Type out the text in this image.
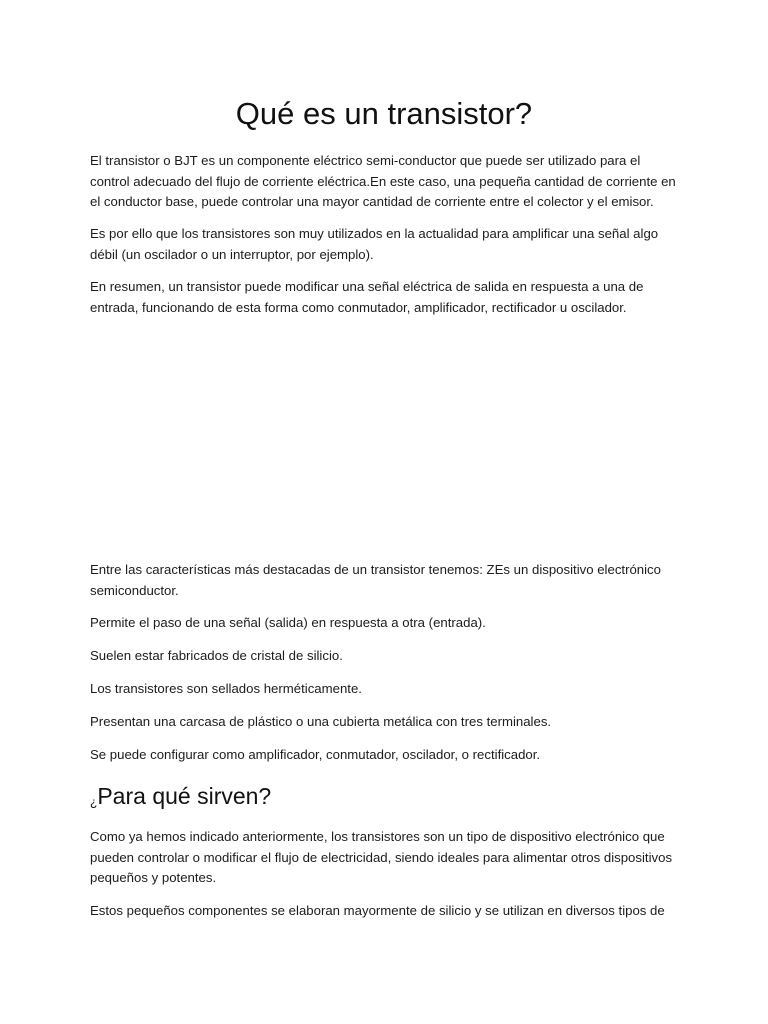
Qué es un transistor?

El transistor o BJT es un componente eléctrico semi-conductor que puede ser utilizado para el control adecuado del flujo de corriente eléctrica.En este caso, una pequeña cantidad de corriente en el conductor base, puede controlar una mayor cantidad de corriente entre el colector y el emisor.

Es por ello que los transistores son muy utilizados en la actualidad para amplificar una señal algo débil (un oscilador o un interruptor, por ejemplo).

En resumen, un transistor puede modificar una señal eléctrica de salida en respuesta a una de entrada, funcionando de esta forma como conmutador, amplificador, rectificador u oscilador.

Entre las características más destacadas de un transistor tenemos: ZEs un dispositivo electrónico semiconductor.

Permite el paso de una señal (salida) en respuesta a otra (entrada).

Suelen estar fabricados de cristal de silicio.

Los transistores son sellados herméticamente.

Presentan una carcasa de plástico o una cubierta metálica con tres terminales.

Se puede configurar como amplificador, conmutador, oscilador, o rectificador.

¿Para qué sirven?

Como ya hemos indicado anteriormente, los transistores son un tipo de dispositivo electrónico que pueden controlar o modificar el flujo de electricidad, siendo ideales para alimentar otros dispositivos pequeños y potentes.

Estos pequeños componentes se elaboran mayormente de silicio y se utilizan en diversos tipos de
